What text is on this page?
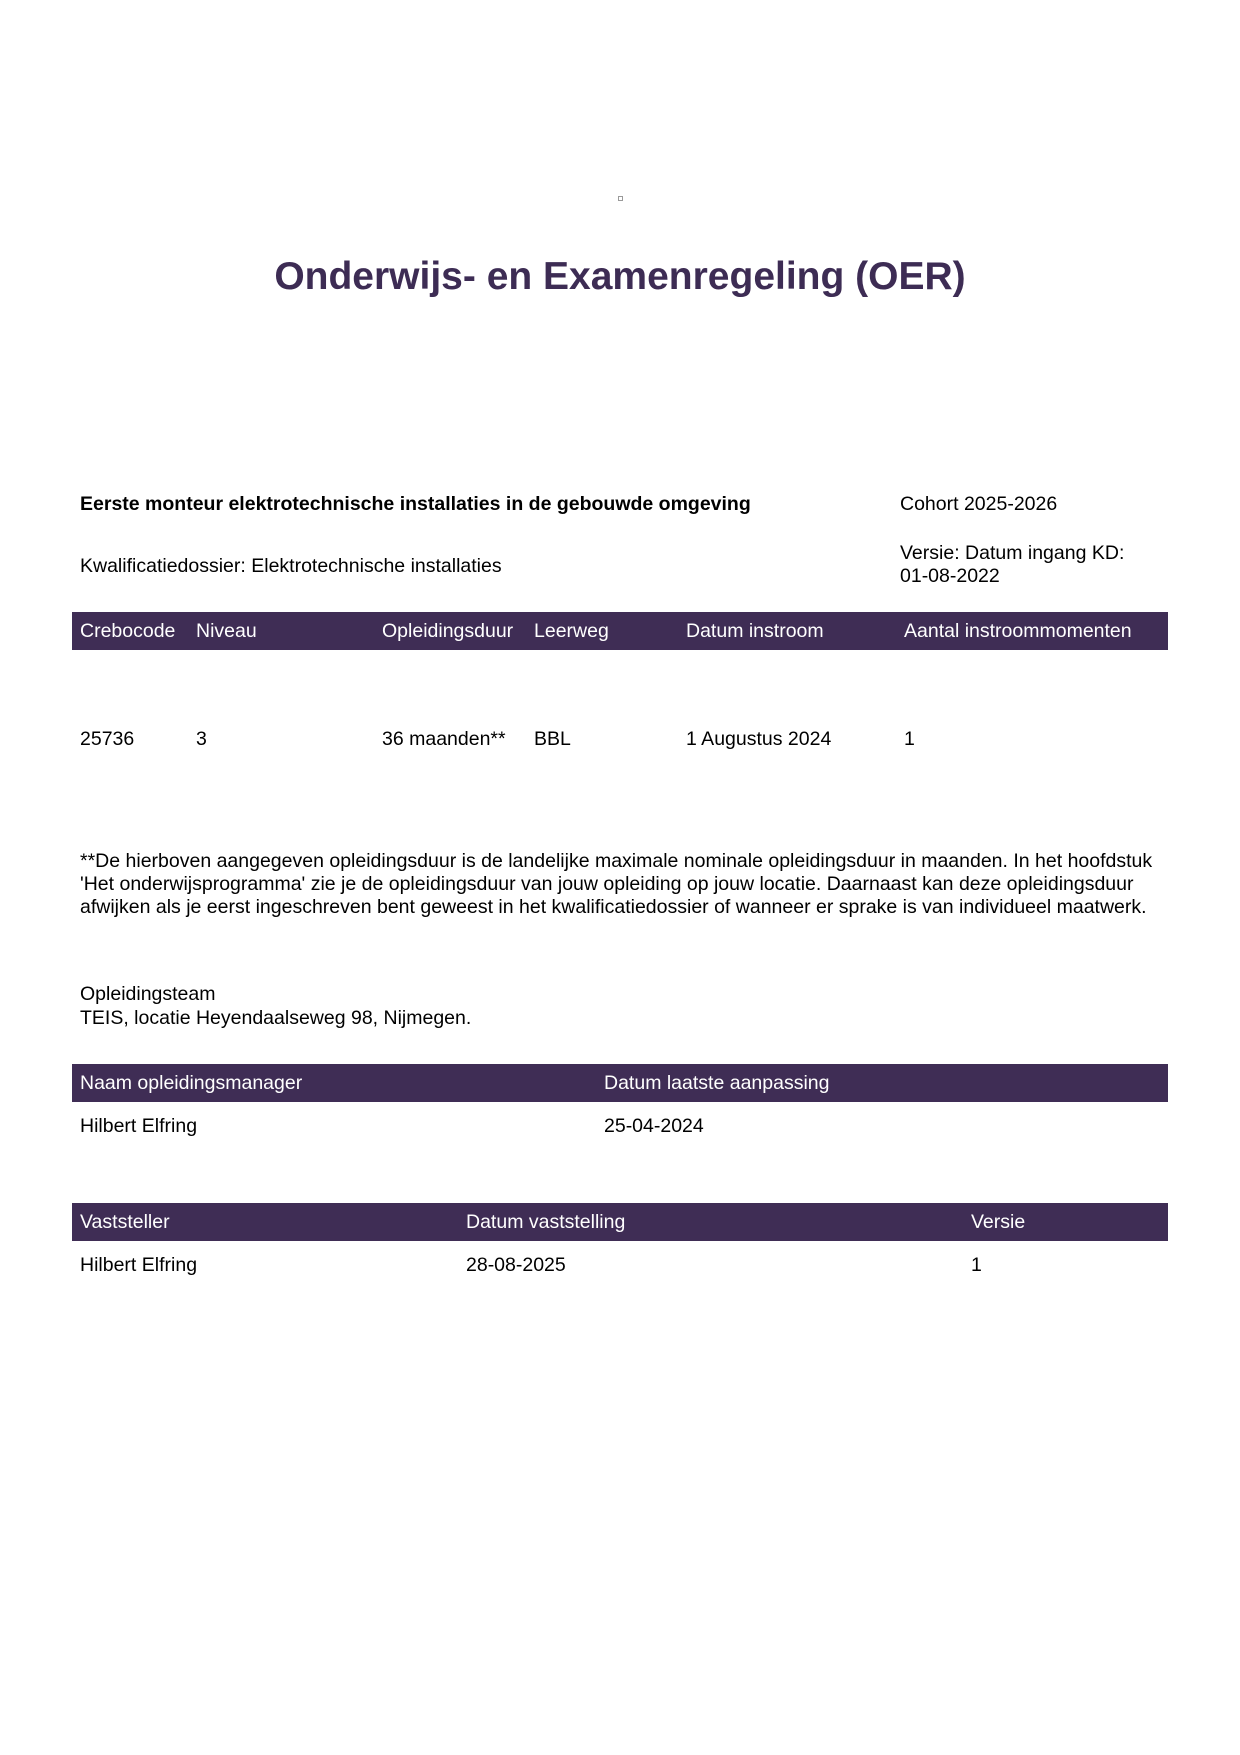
Onderwijs- en Examenregeling (OER)
Eerste monteur elektrotechnische installaties in de gebouwde omgeving	Cohort 2025-2026
Kwalificatiedossier: Elektrotechnische installaties
Versie: Datum ingang KD:
01-08-2022
Crebocode	Niveau	Opleidingsduur	Leerweg	Datum instroom	Aantal instroommomenten
25736	3	36 maanden**	BBL	1 Augustus 2024	1

**De hierboven aangegeven opleidingsduur is de landelijke maximale nominale opleidingsduur in maanden. In het hoofdstuk 'Het onderwijsprogramma' zie je de opleidingsduur van jouw opleiding op jouw locatie. Daarnaast kan deze opleidingsduur afwijken als je eerst ingeschreven bent geweest in het kwalificatiedossier of wanneer er sprake is van individueel maatwerk.

Opleidingsteam
TEIS, locatie Heyendaalseweg 98, Nijmegen.
Naam opleidingsmanager	Datum laatste aanpassing
Hilbert Elfring	25-04-2024
Vaststeller	Datum vaststelling	Versie
Hilbert Elfring	28-08-2025	1
